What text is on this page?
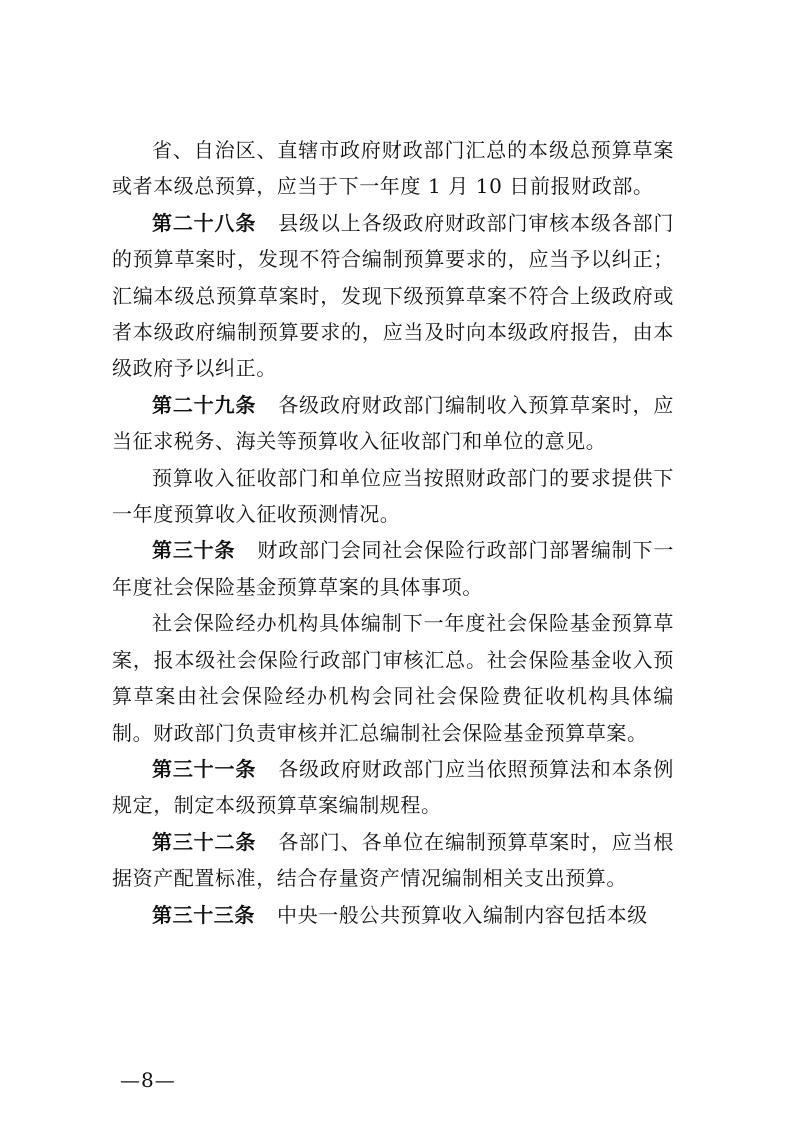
省、自治区、直辖市政府财政部门汇总的本级总预算草案或者本级总预算，应当于下一年度 1 月 10 日前报财政部。

第二十八条 县级以上各级政府财政部门审核本级各部门的预算草案时，发现不符合编制预算要求的，应当予以纠正；汇编本级总预算草案时，发现下级预算草案不符合上级政府或者本级政府编制预算要求的，应当及时向本级政府报告，由本级政府予以纠正。

第二十九条 各级政府财政部门编制收入预算草案时，应当征求税务、海关等预算收入征收部门和单位的意见。

预算收入征收部门和单位应当按照财政部门的要求提供下一年度预算收入征收预测情况。

第三十条 财政部门会同社会保险行政部门部署编制下一年度社会保险基金预算草案的具体事项。

社会保险经办机构具体编制下一年度社会保险基金预算草案，报本级社会保险行政部门审核汇总。社会保险基金收入预算草案由社会保险经办机构会同社会保险费征收机构具体编制。财政部门负责审核并汇总编制社会保险基金预算草案。

第三十一条 各级政府财政部门应当依照预算法和本条例规定，制定本级预算草案编制规程。

第三十二条 各部门、各单位在编制预算草案时，应当根据资产配置标准，结合存量资产情况编制相关支出预算。

第三十三条 中央一般公共预算收入编制内容包括本级

—8—
